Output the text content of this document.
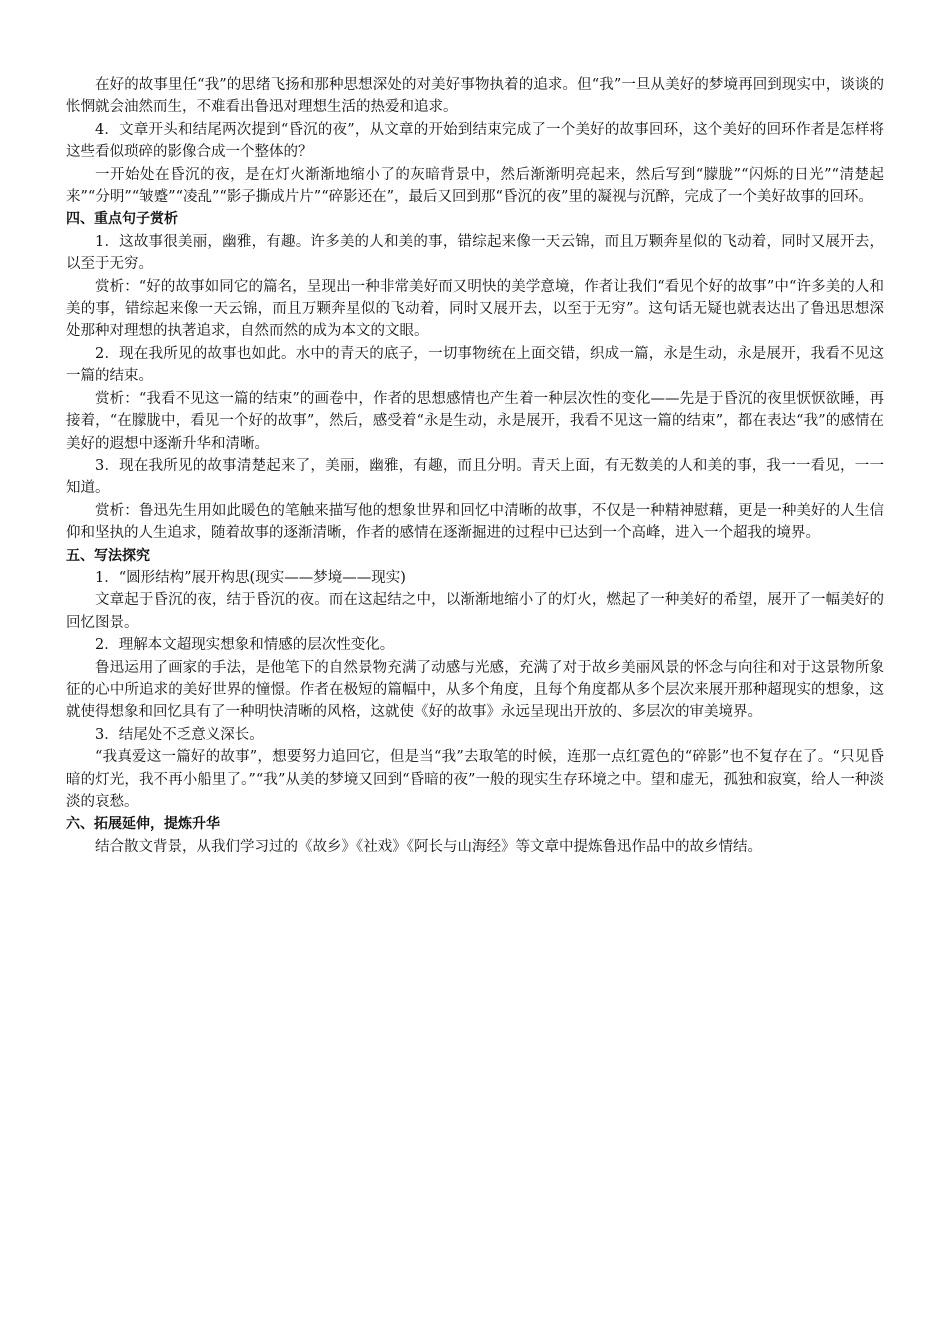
在好的故事里任“我”的思绪飞扬和那种思想深处的对美好事物执着的追求。但“我”一旦从美好的梦境再回到现实中，谈谈的怅惘就会油然而生，不难看出鲁迅对理想生活的热爱和追求。

4．文章开头和结尾两次提到“昏沉的夜”，从文章的开始到结束完成了一个美好的故事回环，这个美好的回环作者是怎样将这些看似琐碎的影像合成一个整体的？

一开始处在昏沉的夜，是在灯火渐渐地缩小了的灰暗背景中，然后渐渐明亮起来，然后写到“朦胧”“闪烁的日光”“清楚起来”“分明”“皱蹙”“凌乱”“影子撕成片片”“碎影还在”，最后又回到那“昏沉的夜”里的凝视与沉醉，完成了一个美好故事的回环。

四、重点句子赏析

1．这故事很美丽，幽雅，有趣。许多美的人和美的事，错综起来像一天云锦，而且万颗奔星似的飞动着，同时又展开去，以至于无穷。

赏析：“好的故事如同它的篇名，呈现出一种非常美好而又明快的美学意境，作者让我们“看见个好的故事”中“许多美的人和美的事，错综起来像一天云锦，而且万颗奔星似的飞动着，同时又展开去，以至于无穷”。这句话无疑也就表达出了鲁迅思想深处那种对理想的执著追求，自然而然的成为本文的文眼。

2．现在我所见的故事也如此。水中的青天的底子，一切事物统在上面交错，织成一篇，永是生动，永是展开，我看不见这一篇的结束。

赏析：“我看不见这一篇的结束”的画卷中，作者的思想感情也产生着一种层次性的变化——先是于昏沉的夜里恹恹欲睡，再接着，“在朦胧中，看见一个好的故事”，然后，感受着“永是生动，永是展开，我看不见这一篇的结束”，都在表达“我”的感情在美好的遐想中逐渐升华和清晰。

3．现在我所见的故事清楚起来了，美丽，幽雅，有趣，而且分明。青天上面，有无数美的人和美的事，我一一看见，一一知道。

赏析：鲁迅先生用如此暖色的笔触来描写他的想象世界和回忆中清晰的故事，不仅是一种精神慰藉，更是一种美好的人生信仰和坚执的人生追求，随着故事的逐渐清晰，作者的感情在逐渐掘进的过程中已达到一个高峰，进入一个超我的境界。

五、写法探究

1．“圆形结构”展开构思(现实——梦境——现实)

文章起于昏沉的夜，结于昏沉的夜。而在这起结之中，以渐渐地缩小了的灯火，燃起了一种美好的希望，展开了一幅美好的回忆图景。

2．理解本文超现实想象和情感的层次性变化。

鲁迅运用了画家的手法，是他笔下的自然景物充满了动感与光感，充满了对于故乡美丽风景的怀念与向往和对于这景物所象征的心中所追求的美好世界的憧憬。作者在极短的篇幅中，从多个角度，且每个角度都从多个层次来展开那种超现实的想象，这就使得想象和回忆具有了一种明快清晰的风格，这就使《好的故事》永远呈现出开放的、多层次的审美境界。

3．结尾处不乏意义深长。

“我真爱这一篇好的故事”，想要努力追回它，但是当“我”去取笔的时候，连那一点红霓色的“碎影”也不复存在了。“只见昏暗的灯光，我不再小船里了。”“我”从美的梦境又回到“昏暗的夜”一般的现实生存环境之中。望和虚无，孤独和寂寞，给人一种淡淡的哀愁。

六、拓展延伸，提炼升华

结合散文背景，从我们学习过的《故乡》《社戏》《阿长与山海经》等文章中提炼鲁迅作品中的故乡情结。
